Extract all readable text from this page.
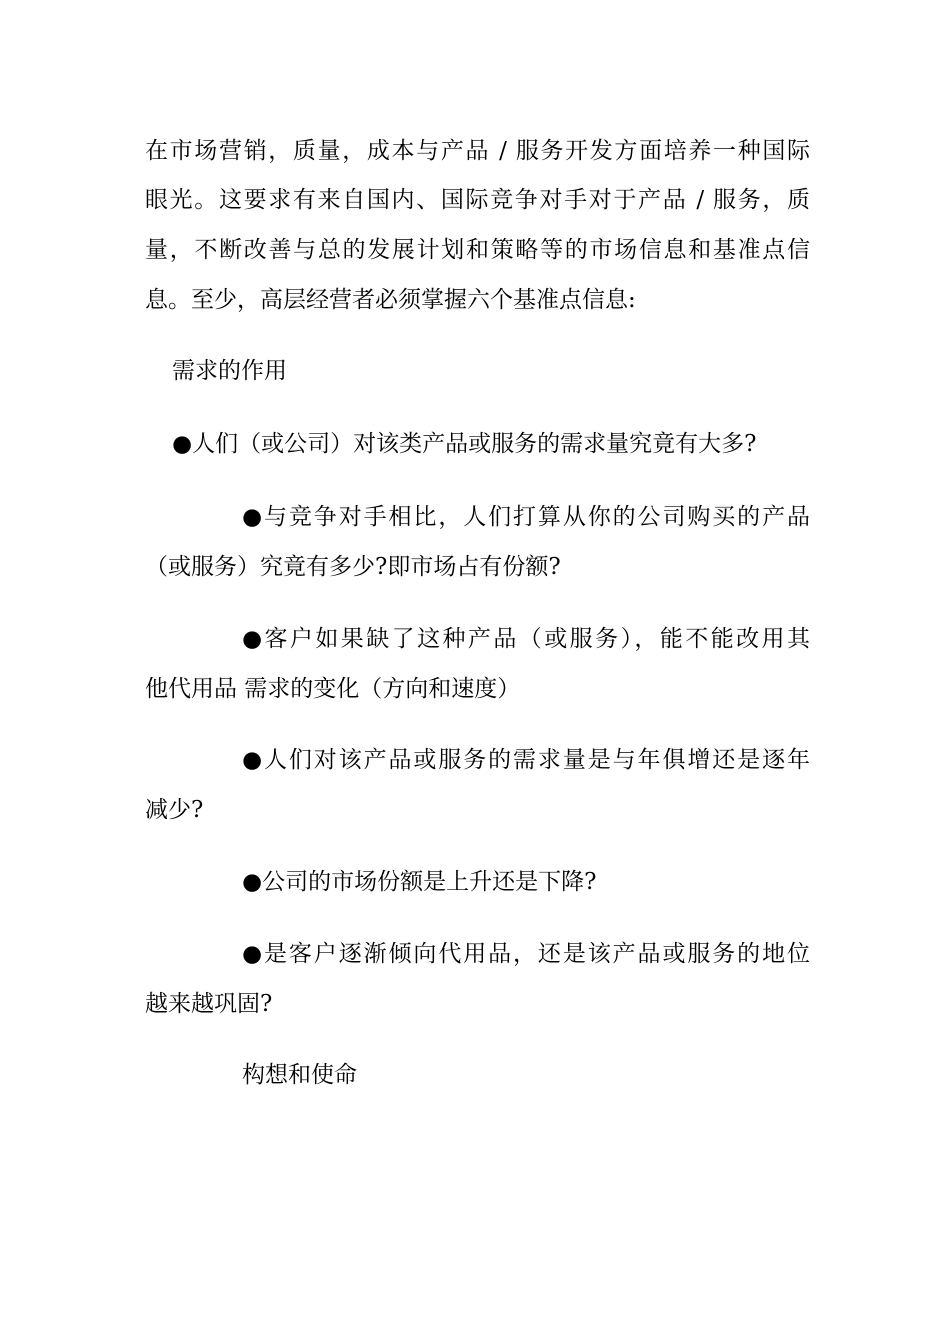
在市场营销，质量，成本与产品 / 服务开发方面培养一种国际
眼光。这要求有来自国内、国际竞争对手对于产品 / 服务，质
量，不断改善与总的发展计划和策略等的市场信息和基准点信
息。至少，高层经营者必须掌握六个基准点信息:
需求的作用
●人们（或公司）对该类产品或服务的需求量究竟有大多?
●与竞争对手相比，人们打算从你的公司购买的产品
（或服务）究竟有多少?即市场占有份额?
●客户如果缺了这种产品（或服务），能不能改用其
他代用品 需求的变化（方向和速度）
●人们对该产品或服务的需求量是与年俱增还是逐年
减少?
●公司的市场份额是上升还是下降?
●是客户逐渐倾向代用品，还是该产品或服务的地位
越来越巩固?
构想和使命
